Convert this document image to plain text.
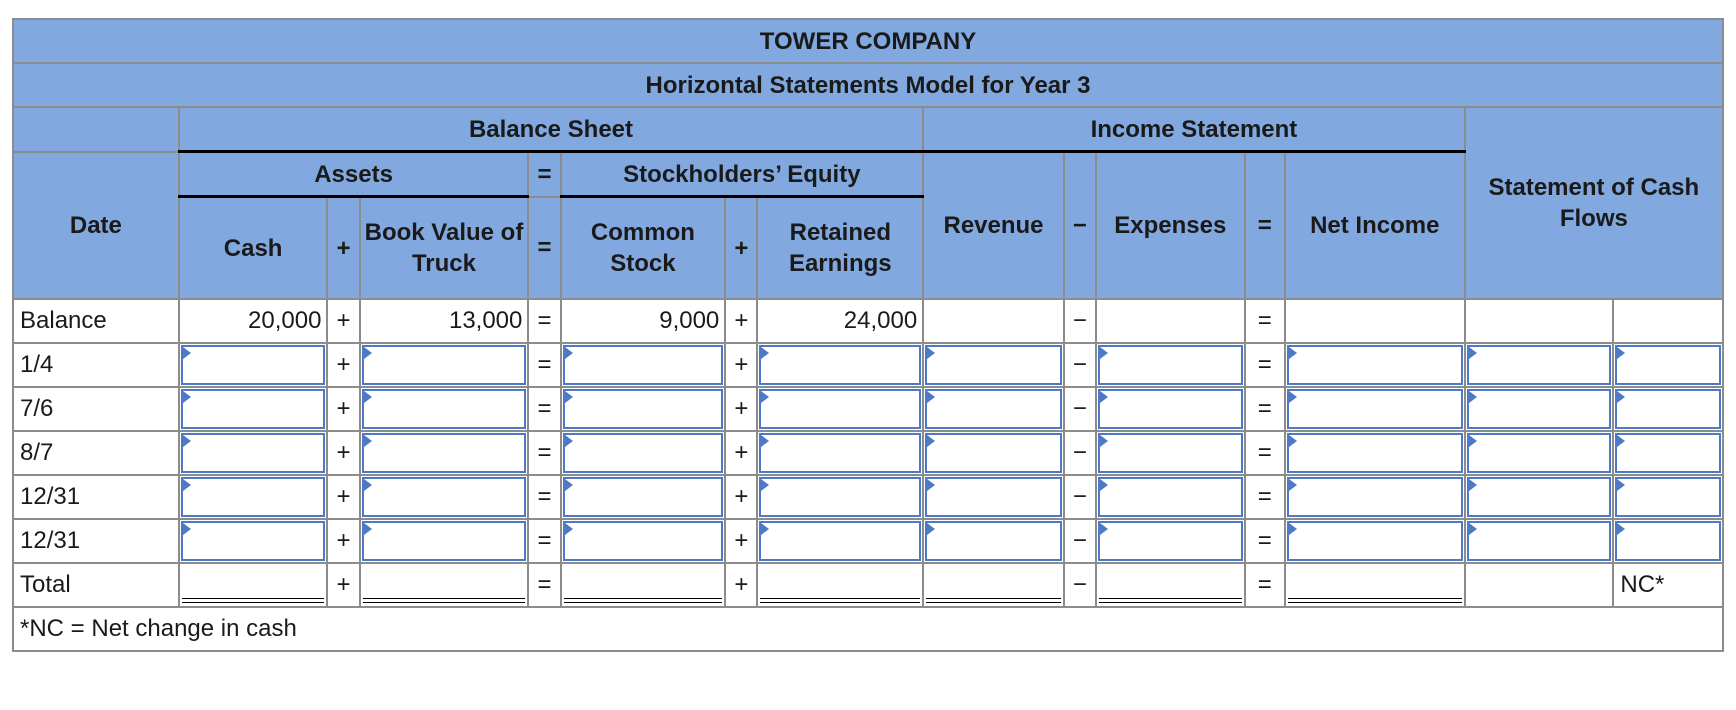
TOWER COMPANY														
Horizontal Statements Model for Year 3														
	Balance Sheet							Income Statement					Statement of Cash Flows	
Date	Assets			=	Stockholders’ Equity			Revenue	−	Expenses	=	Net Income		
	Cash	+	Book Value of Truck	=	Common Stock	+	Retained Earnings							
Balance	20,000	+	13,000	=	9,000	+	24,000		−		=			
1/4		+		=		+			−		=	

7/6		+		=		+			−		=	

8/7		+		=		+			−		=	

12/31		+		=		+			−		=	

12/31		+		=		+			−		=	

Total		+		=		+			−		=			NC*
*NC = Net change in cash														
